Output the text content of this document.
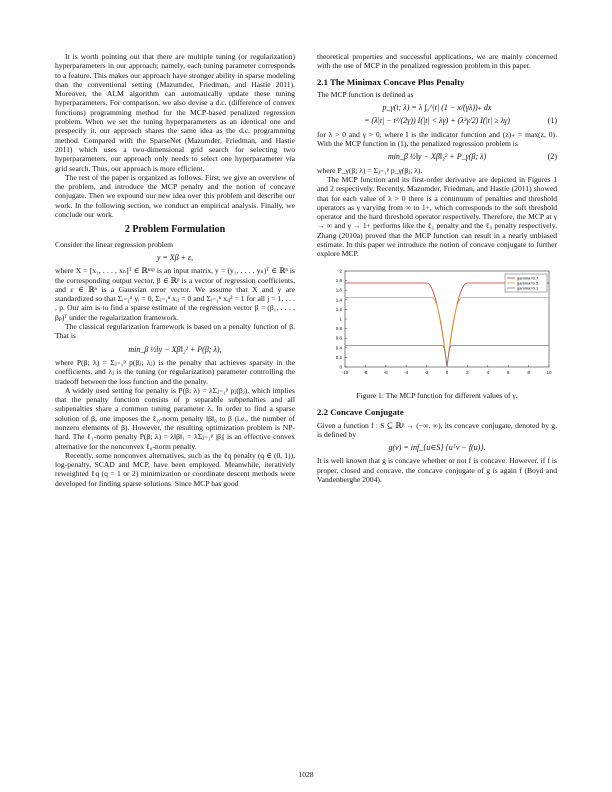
It is worth pointing out that there are multiple tuning (or regularization) hyperparameters in our approach; namely, each tuning parameter corresponds to a feature. This makes our approach have stronger ability in sparse modeling than the conventional setting (Mazumder, Friedman, and Hastie 2011). Moreover, the ALM algorithm can automatically update these tuning hyperparameters. For comparison, we also devise a d.c. (difference of convex functions) programming method for the MCP-based penalized regression problem. When we set the tuning hyperparameters as an identical one and prespecify it, our approach shares the same idea as the d.c. programming method. Compared with the SparseNet (Mazumder, Friedman, and Hastie 2011) which uses a two-dimensional grid search for selecting two hyperparameters, our approach only needs to select one hyperparameter via grid search. Thus, our approach is more efficient.

The rest of the paper is organized as follows. First, we give an overview of the problem, and introduce the MCP penalty and the notion of concave conjugate. Then we expound our new idea over this problem and describe our work. In the following section, we conduct an empirical analysis. Finally, we conclude our work.

2 Problem Formulation

Consider the linear regression problem

y = Xβ + ε,

where X = [x₁, . . . , xₙ]ᵀ ∈ ℝⁿˣᵖ is an input matrix, y = (y₁, . . . , yₙ)ᵀ ∈ ℝⁿ is the corresponding output vector, β ∈ ℝᵖ is a vector of regression coefficients, and ε ∈ ℝⁿ is a Gaussian error vector. We assume that X and y are standardized so that Σᵢ₌₁ⁿ yᵢ = 0, Σᵢ₌₁ⁿ xᵢⱼ = 0 and Σᵢ₌₁ⁿ xᵢⱼ² = 1 for all j = 1, . . . , p. Our aim is to find a sparse estimate of the regression vector β = (β₁, . . . , βₚ)ᵀ under the regularization framework.

The classical regularization framework is based on a penalty function of β. That is

min_β ½‖y − Xβ‖₂² + P(β; λ),

where P(β; λ) = Σⱼ₌₁ᵖ p(βⱼ; λⱼ) is the penalty that achieves sparsity in the coefficients, and λⱼ is the tuning (or regularization) parameter controlling the tradeoff between the loss function and the penalty.

A widely used setting for penalty is P(β; λ) = λΣⱼ₌₁ᵖ pⱼ(βⱼ), which implies that the penalty function consists of p separable subpenalties and all subpenalties share a common tuning parameter λ. In order to find a sparse solution of β, one imposes the ℓ₀-norm penalty ‖β‖₀ to β (i.e., the number of nonzero elements of β). However, the resulting optimization problem is NP-hard. The ℓ₁-norm penalty P(β; λ) = λ‖β‖₁ = λΣⱼ₌₁ᵖ |βⱼ| is an effective convex alternative for the nonconvex ℓ₀-norm penalty.

Recently, some nonconvex alternatives, such as the ℓq penalty (q ∈ (0, 1)), log-penalty, SCAD and MCP, have been employed. Meanwhile, iteratively reweighted ℓq (q = 1 or 2) minimization or coordinate descent methods were developed for finding sparse solutions. Since MCP has good

theoretical properties and successful applications, we are mainly concerned with the use of MCP in the penalized regression problem in this paper.

2.1 The Minimax Concave Plus Penalty

The MCP function is defined as

p_γ(t; λ) = λ ∫₀^|t| (1 − x/(γλ))₊ dx
= (λ|t| − t²/(2γ)) I(|t| < λγ) + (λ²γ/2) I(|t| ≥ λγ)	(1)

for λ > 0 and γ > 0, where I is the indicator function and (z)₊ = max(z, 0). With the MCP function in (1), the penalized regression problem is

min_β ½‖y − Xβ‖₂² + P_γ(β; λ)	(2)

where P_γ(β; λ) = Σⱼ₌₁ᵖ p_γ(βⱼ; λ).

The MCP function and its first-order derivative are depicted in Figures 1 and 2 respectively. Recently, Mazumder, Friedman, and Hastie (2011) showed that for each value of λ > 0 there is a continuum of penalties and threshold operators as γ varying from ∞ to 1+, which corresponds to the soft threshold operator and the hard threshold operator respectively. Therefore, the MCP at γ → ∞ and γ → 1+ performs like the ℓ₁ penalty and the ℓ₀ penalty respectively. Zhang (2010a) proved that the MCP function can result in a nearly unbiased estimate. In this paper we introduce the notion of concave conjugate to further explore MCP.

-10	-8	-6	-4	-2	0	2	4	6	8	10
0
0.2
0.4
0.6
0.8
1
1.2
1.4
1.6
1.8
2
gamma=0.7
gamma=0.5
gamma=0.1
Figure 1: The MCP function for different values of γ.
2.2 Concave Conjugate

Given a function f : S ⊆ ℝᵖ → (−∞, ∞), its concave conjugate, denoted by g, is defined by

g(v) = inf_{u∈S} {uᵀv − f(u)}.

It is well known that g is concave whether or not f is concave. However, if f is proper, closed and concave, the concave conjugate of g is again f (Boyd and Vandenberghe 2004).

1028
